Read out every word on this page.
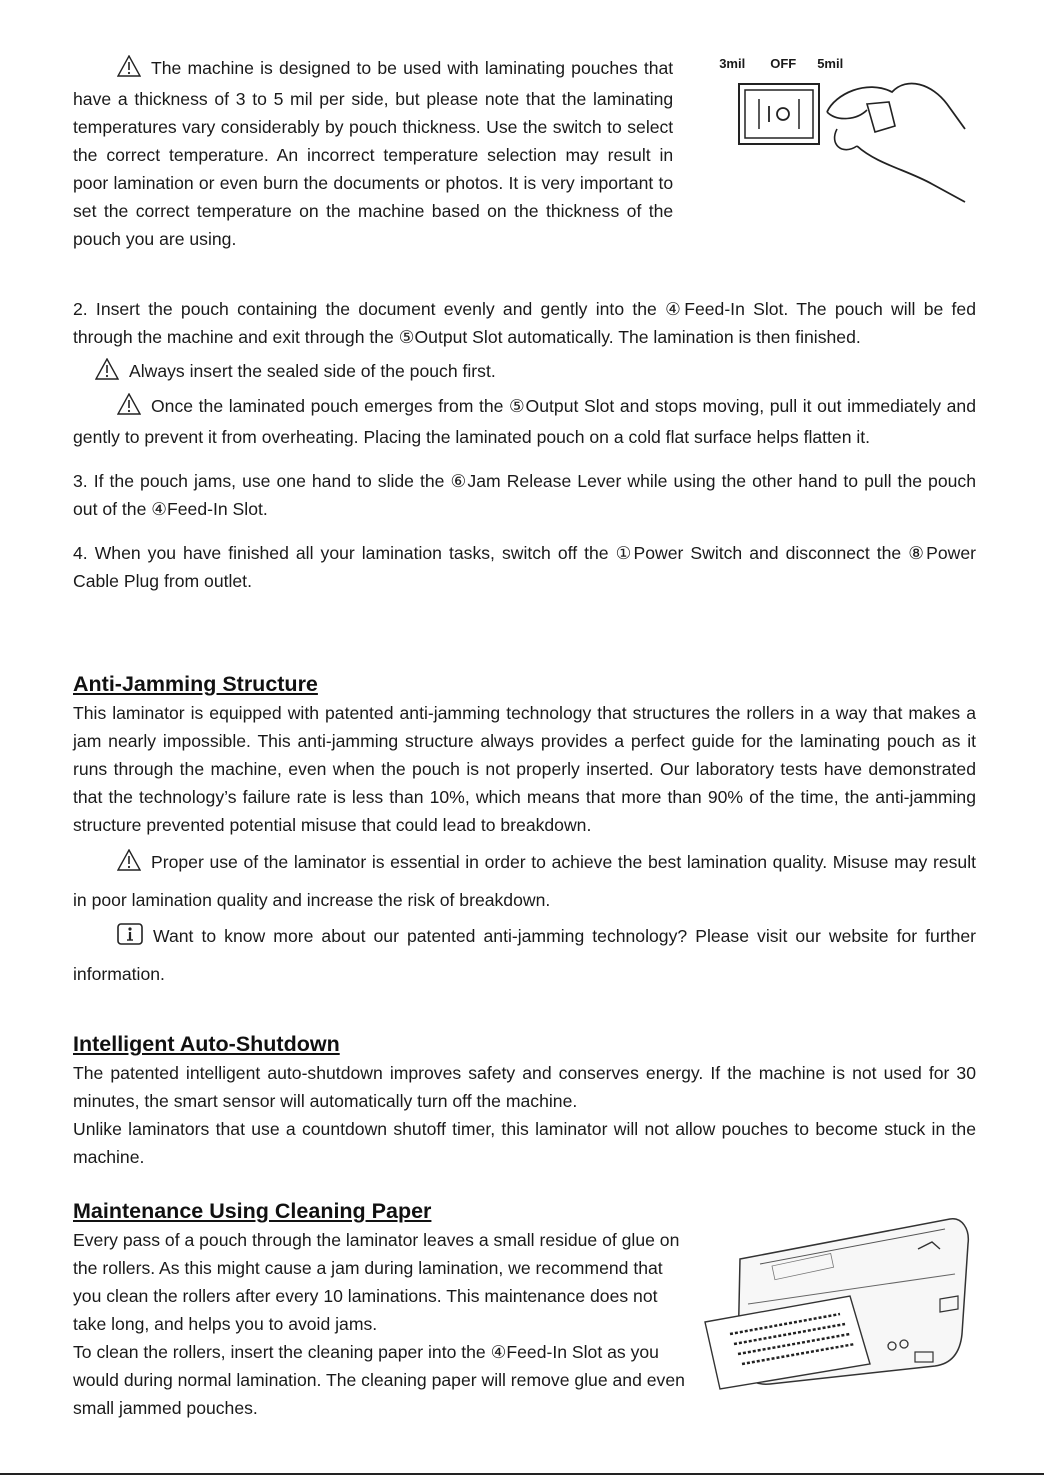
The machine is designed to be used with laminating pouches that have a thickness of 3 to 5 mil per side, but please note that the laminating temperatures vary considerably by pouch thickness. Use the switch to select the correct temperature. An incorrect temperature selection may result in poor lamination or even burn the documents or photos. It is very important to set the correct temperature on the machine based on the thickness of the pouch you are using.

3mil OFF 5mil

2. Insert the pouch containing the document evenly and gently into the ④Feed-In Slot. The pouch will be fed through the machine and exit through the ⑤Output Slot automatically. The lamination is then finished.

Always insert the sealed side of the pouch first.

Once the laminated pouch emerges from the ⑤Output Slot and stops moving, pull it out immediately and gently to prevent it from overheating. Placing the laminated pouch on a cold flat surface helps flatten it.

3. If the pouch jams, use one hand to slide the ⑥Jam Release Lever while using the other hand to pull the pouch out of the ④Feed-In Slot.

4. When you have finished all your lamination tasks, switch off the ①Power Switch and disconnect the ⑧Power Cable Plug from outlet.

Anti-Jamming Structure

This laminator is equipped with patented anti-jamming technology that structures the rollers in a way that makes a jam nearly impossible. This anti-jamming structure always provides a perfect guide for the laminating pouch as it runs through the machine, even when the pouch is not properly inserted. Our laboratory tests have demonstrated that the technology’s failure rate is less than 10%, which means that more than 90% of the time, the anti-jamming structure prevented potential misuse that could lead to breakdown.

Proper use of the laminator is essential in order to achieve the best lamination quality. Misuse may result in poor lamination quality and increase the risk of breakdown.

Want to know more about our patented anti-jamming technology? Please visit our website for further information.

Intelligent Auto-Shutdown

The patented intelligent auto-shutdown improves safety and conserves energy. If the machine is not used for 30 minutes, the smart sensor will automatically turn off the machine.

Unlike laminators that use a countdown shutoff timer, this laminator will not allow pouches to become stuck in the machine.

Maintenance Using Cleaning Paper

Every pass of a pouch through the laminator leaves a small residue of glue on the rollers. As this might cause a jam during lamination, we recommend that you clean the rollers after every 10 laminations. This maintenance does not take long, and helps you to avoid jams.

To clean the rollers, insert the cleaning paper into the ④Feed-In Slot as you would during normal lamination. The cleaning paper will remove glue and even small jammed pouches.
